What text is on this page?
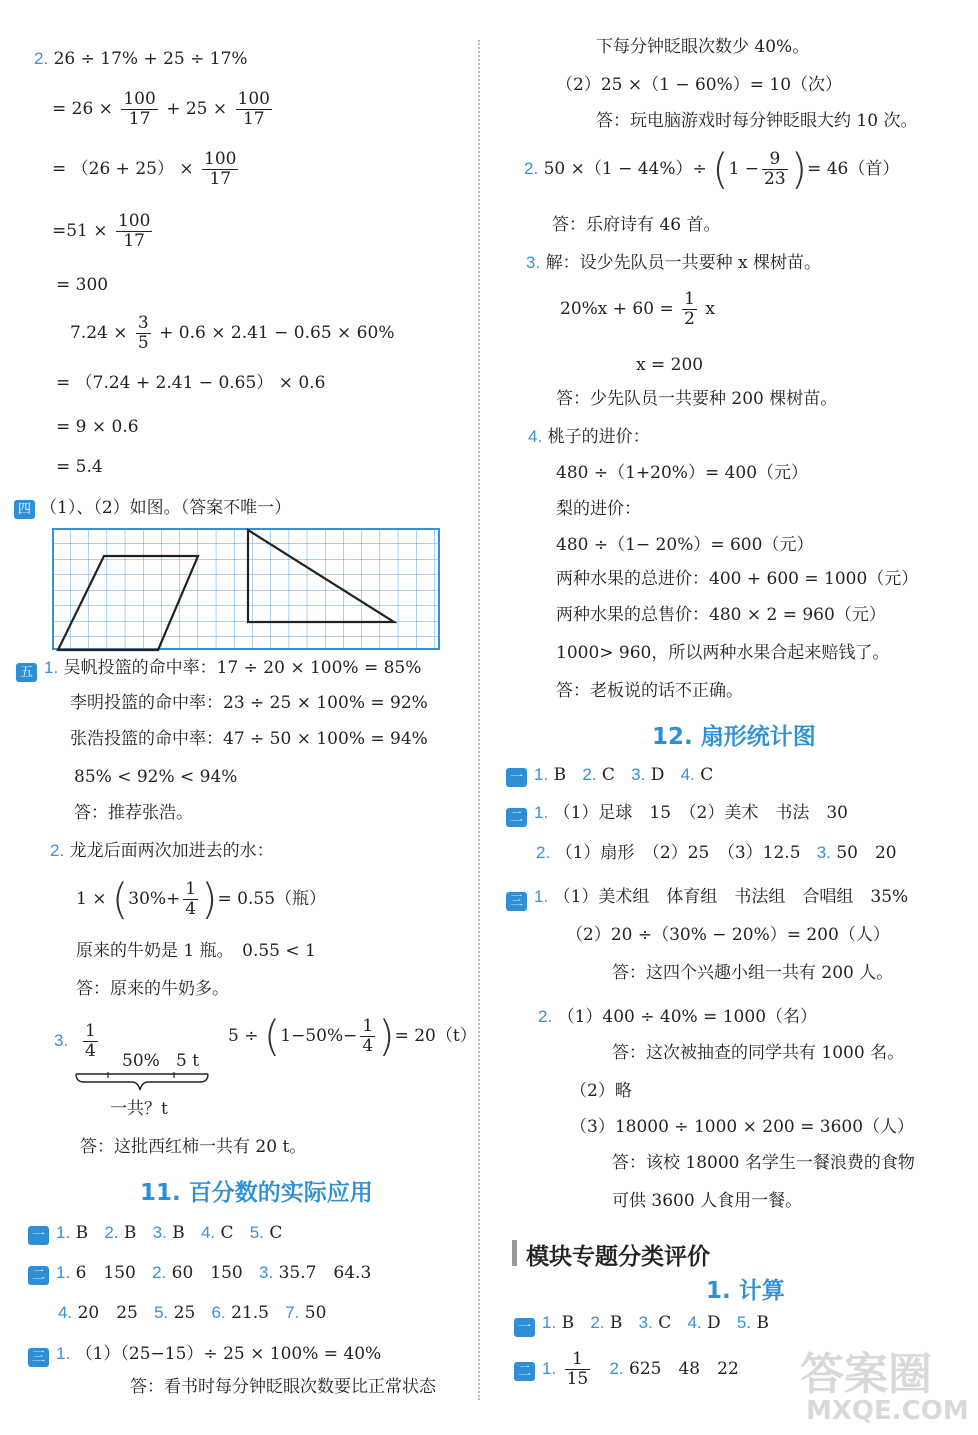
2. 26 ÷ 17% + 25 ÷ 17%
= $26 \times \frac{100}{17} + 25 \times \frac{100}{17}$
= $(26 + 25) \times \frac{100}{17}$
$=51 \times \frac{100}{17}$
= 300
$7.24 \times \frac{3}{5} + 0.6 \times 2.41 - 0.65 \times 60\%$
= （7.24 + 2.41 − 0.65） × 0.6
= 9 × 0.6
= 5.4
四 （1）、（2）如图。（答案不唯一）
五 1. 吴帆投篮的命中率：17 ÷ 20 × 100% = 85%
李明投篮的命中率：23 ÷ 25 × 100% = 92%
张浩投篮的命中率：47 ÷ 50 × 100% = 94%
85% < 92% < 94%
答：推荐张浩。
2. 龙龙后面两次加进去的水：
$1 \times (30\%+ \frac{1}{4}$ )= 0.55（瓶）
原来的牛奶是 1 瓶。　0.55 < 1
答：原来的牛奶多。
3. $\frac{1}{4} 50\%$ 5 t
一共？t
$5 \div (1-50\%- \frac{1}{4}$ )= 20（t）
答：这批西红柿一共有 20 t。
11. 百分数的实际应用
一 1. B 2. B 3. B 4. C 5. C
二 1. 6　150 2. 60　150 3. 35.7　64.3
4. 20　25 5. 25 6. 21.5 7. 50
三 1. （1）（25−15）÷ 25 × 100% = 40%
答：看书时每分钟眨眼次数要比正常状态
下每分钟眨眼次数少 40%。
（2）25 ×（1 − 60%）= 10（次）
答：玩电脑游戏时每分钟眨眼大约 10 次。
2. $50 \times(1 - 44\%)\div (1 - \frac{9}{23}$ )= 46（首）
答：乐府诗有 46 首。
3. 解：设少先队员一共要种 x 棵树苗。
$20\%x + 60 = \frac{1}{2}$ x
x = 200
答：少先队员一共要种 200 棵树苗。
4. 桃子的进价：
480 ÷（1+20%）= 400（元）
梨的进价：
480 ÷（1− 20%）= 600（元）
两种水果的总进价：400 + 600 = 1000（元）
两种水果的总售价：480 × 2 = 960（元）
1000> 960，所以两种水果合起来赔钱了。
答：老板说的话不正确。
12. 扇形统计图
一 1. B 2. C 3. D 4. C
二 1. （1）足球　15　（2）美术　书法　30
2. （1）扇形　（2）25　（3）12.5 3. 50　20
三 1. （1）美术组　体育组　书法组　合唱组　35%
（2）20 ÷（30% − 20%）= 200（人）
答：这四个兴趣小组一共有 200 人。
2. （1）400 ÷ 40% = 1000（名）
答：这次被抽查的同学共有 1000 名。
（2）略
（3）18000 ÷ 1000 × 200 = 3600（人）
答：该校 18000 名学生一餐浪费的食物
可供 3600 人食用一餐。
模块专题分类评价
1. 计算
一 1. B 2. B 3. C 4. D 5. B
二 1. $\frac{1}{15} 2$. 625　48　22 答案圈
MXQE.COM
